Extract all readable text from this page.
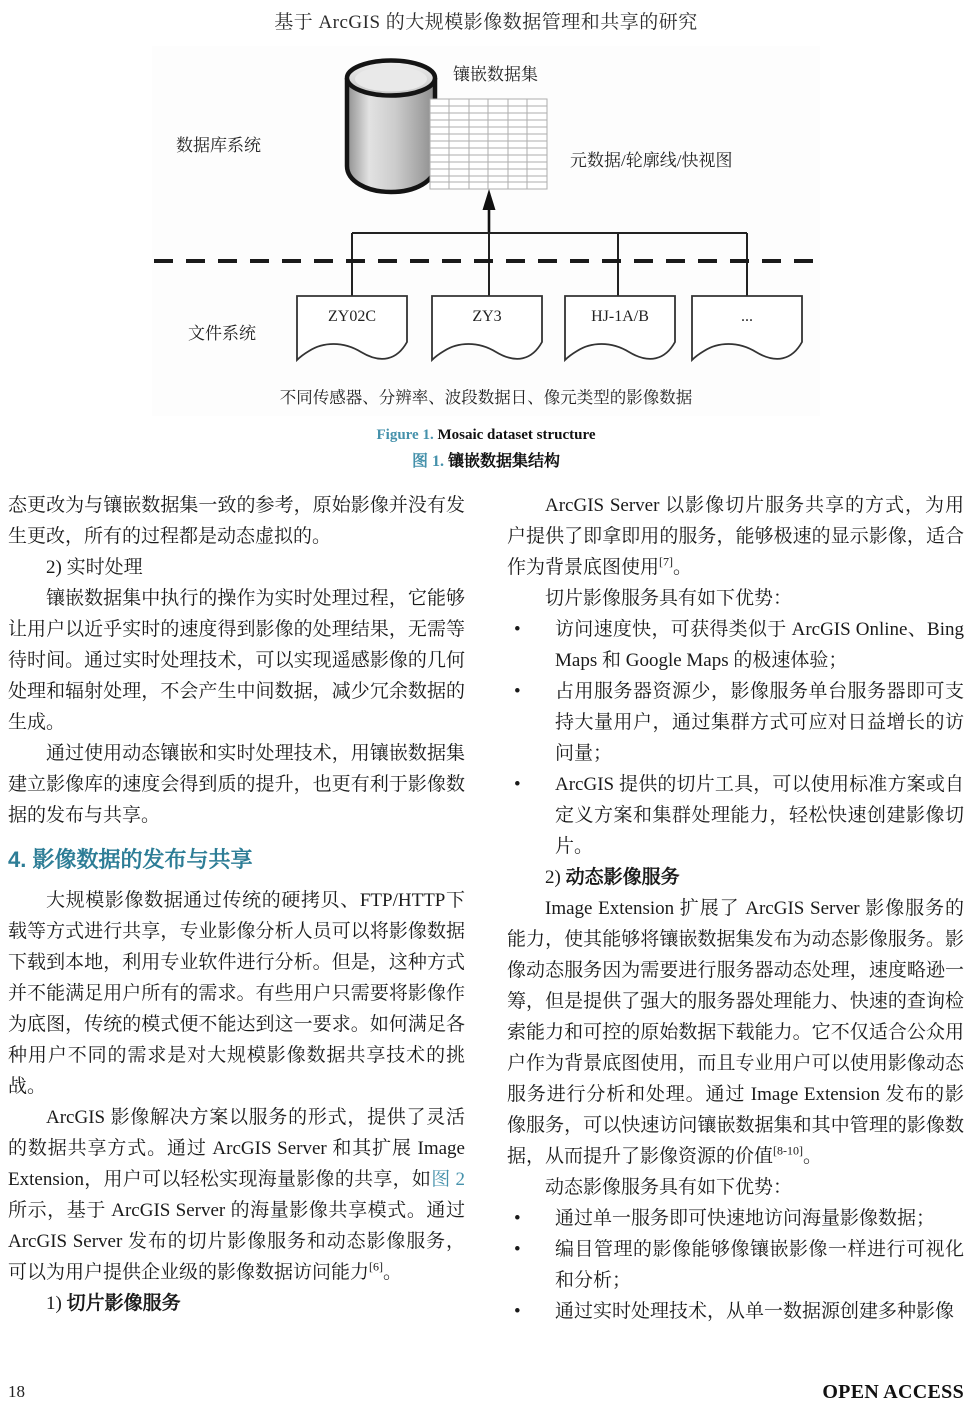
基于 ArcGIS 的大规模影像数据管理和共享的研究
镶嵌数据集
数据库系统
元数据/轮廓线/快视图
文件系统
ZY02C	ZY3	HJ-1A/B	...
不同传感器、分辨率、波段数据日、像元类型的影像数据
Figure 1. Mosaic dataset structure
图 1. 镶嵌数据集结构

态更改为与镶嵌数据集一致的参考，原始影像并没有发生更改，所有的过程都是动态虚拟的。

2) 实时处理

镶嵌数据集中执行的操作为实时处理过程，它能够让用户以近乎实时的速度得到影像的处理结果，无需等待时间。通过实时处理技术，可以实现遥感影像的几何处理和辐射处理，不会产生中间数据，减少冗余数据的生成。

通过使用动态镶嵌和实时处理技术，用镶嵌数据集建立影像库的速度会得到质的提升，也更有利于影像数据的发布与共享。

4. 影像数据的发布与共享

大规模影像数据通过传统的硬拷贝、FTP/HTTP下载等方式进行共享，专业影像分析人员可以将影像数据下载到本地，利用专业软件进行分析。但是，这种方式并不能满足用户所有的需求。有些用户只需要将影像作为底图，传统的模式便不能达到这一要求。如何满足各种用户不同的需求是对大规模影像数据共享技术的挑战。

ArcGIS 影像解决方案以服务的形式，提供了灵活的数据共享方式。通过 ArcGIS Server 和其扩展 Image Extension，用户可以轻松实现海量影像的共享，如图 2 所示，基于 ArcGIS Server 的海量影像共享模式。通过 ArcGIS Server 发布的切片影像服务和动态影像服务，可以为用户提供企业级的影像数据访问能力[6]。

1) 切片影像服务

ArcGIS Server 以影像切片服务共享的方式，为用户提供了即拿即用的服务，能够极速的显示影像，适合作为背景底图使用[7]。

切片影像服务具有如下优势：

•	访问速度快，可获得类似于 ArcGIS Online、Bing Maps 和 Google Maps 的极速体验；
•	占用服务器资源少，影像服务单台服务器即可支持大量用户，通过集群方式可应对日益增长的访问量；
•	ArcGIS 提供的切片工具，可以使用标准方案或自定义方案和集群处理能力，轻松快速创建影像切片。

2) 动态影像服务

Image Extension 扩展了 ArcGIS Server 影像服务的能力，使其能够将镶嵌数据集发布为动态影像服务。影像动态服务因为需要进行服务器动态处理，速度略逊一筹，但是提供了强大的服务器处理能力、快速的查询检索能力和可控的原始数据下载能力。它不仅适合公众用户作为背景底图使用，而且专业用户可以使用影像动态服务进行分析和处理。通过 Image Extension 发布的影像服务，可以快速访问镶嵌数据集和其中管理的影像数据，从而提升了影像资源的价值[8-10]。

动态影像服务具有如下优势：

•	通过单一服务即可快速地访问海量影像数据；
•	编目管理的影像能够像镶嵌影像一样进行可视化和分析；
•	通过实时处理技术，从单一数据源创建多种影像
18	OPEN ACCESS
